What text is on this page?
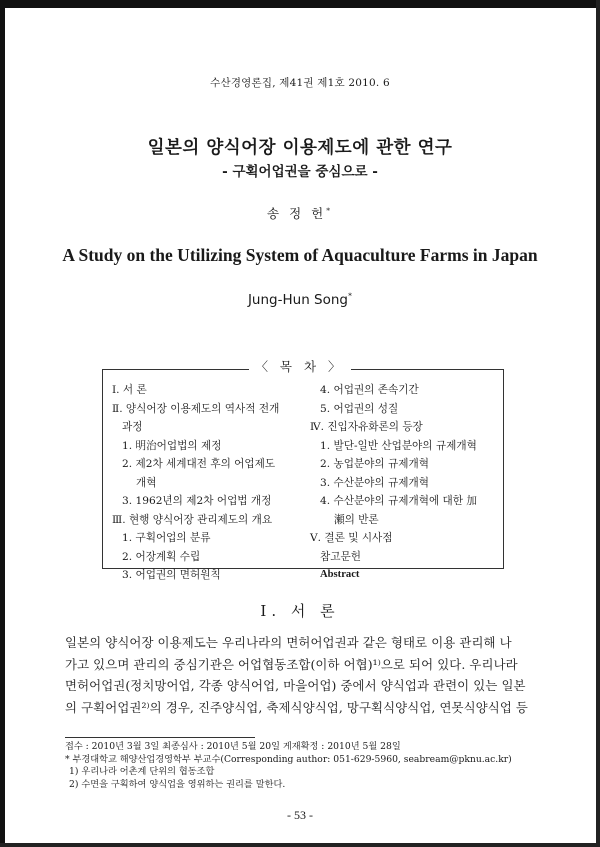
수산경영론집, 제41권 제1호 2010. 6
일본의 양식어장 이용제도에 관한 연구
- 구획어업권을 중심으로 -
송 정 헌*
A Study on the Utilizing System of Aquaculture Farms in Japan
Jung-Hun Song*
〈 목 차 〉
Ⅰ. 서 론
Ⅱ. 양식어장 이용제도의 역사적 전개
과정
1. 明治어업법의 제정
2. 제2차 세계대전 후의 어업제도
개혁
3. 1962년의 제2차 어업법 개정
Ⅲ. 현행 양식어장 관리제도의 개요
1. 구획어업의 분류
2. 어장계획 수립
3. 어업권의 면허원칙
4. 어업권의 존속기간
5. 어업권의 성질
Ⅳ. 진입자유화론의 등장
1. 발단-일반 산업분야의 규제개혁
2. 농업분야의 규제개혁
3. 수산분야의 규제개혁
4. 수산분야의 규제개혁에 대한 加
瀬의 반론
Ⅴ. 결론 및 시사점
참고문헌
Abstract
Ⅰ. 서 론
일본의 양식어장 이용제도는 우리나라의 면허어업권과 같은 형태로 이용 관리해 나
가고 있으며 관리의 중심기관은 어업협동조합(이하 어협)¹⁾으로 되어 있다. 우리나라
면허어업권(정치망어업, 각종 양식어업, 마을어업) 중에서 양식업과 관련이 있는 일본
의 구획어업권²⁾의 경우, 진주양식업, 축제식양식업, 망구획식양식업, 연못식양식업 등
접수 : 2010년 3월 3일 최종심사 : 2010년 5월 20일 게재확정 : 2010년 5월 28일
* 부경대학교 해양산업경영학부 부교수(Corresponding author: 051-629-5960, seabream@pknu.ac.kr)
1) 우리나라 어촌계 단위의 협동조합
2) 수면을 구획하여 양식업을 영위하는 권리를 말한다.
- 53 -
